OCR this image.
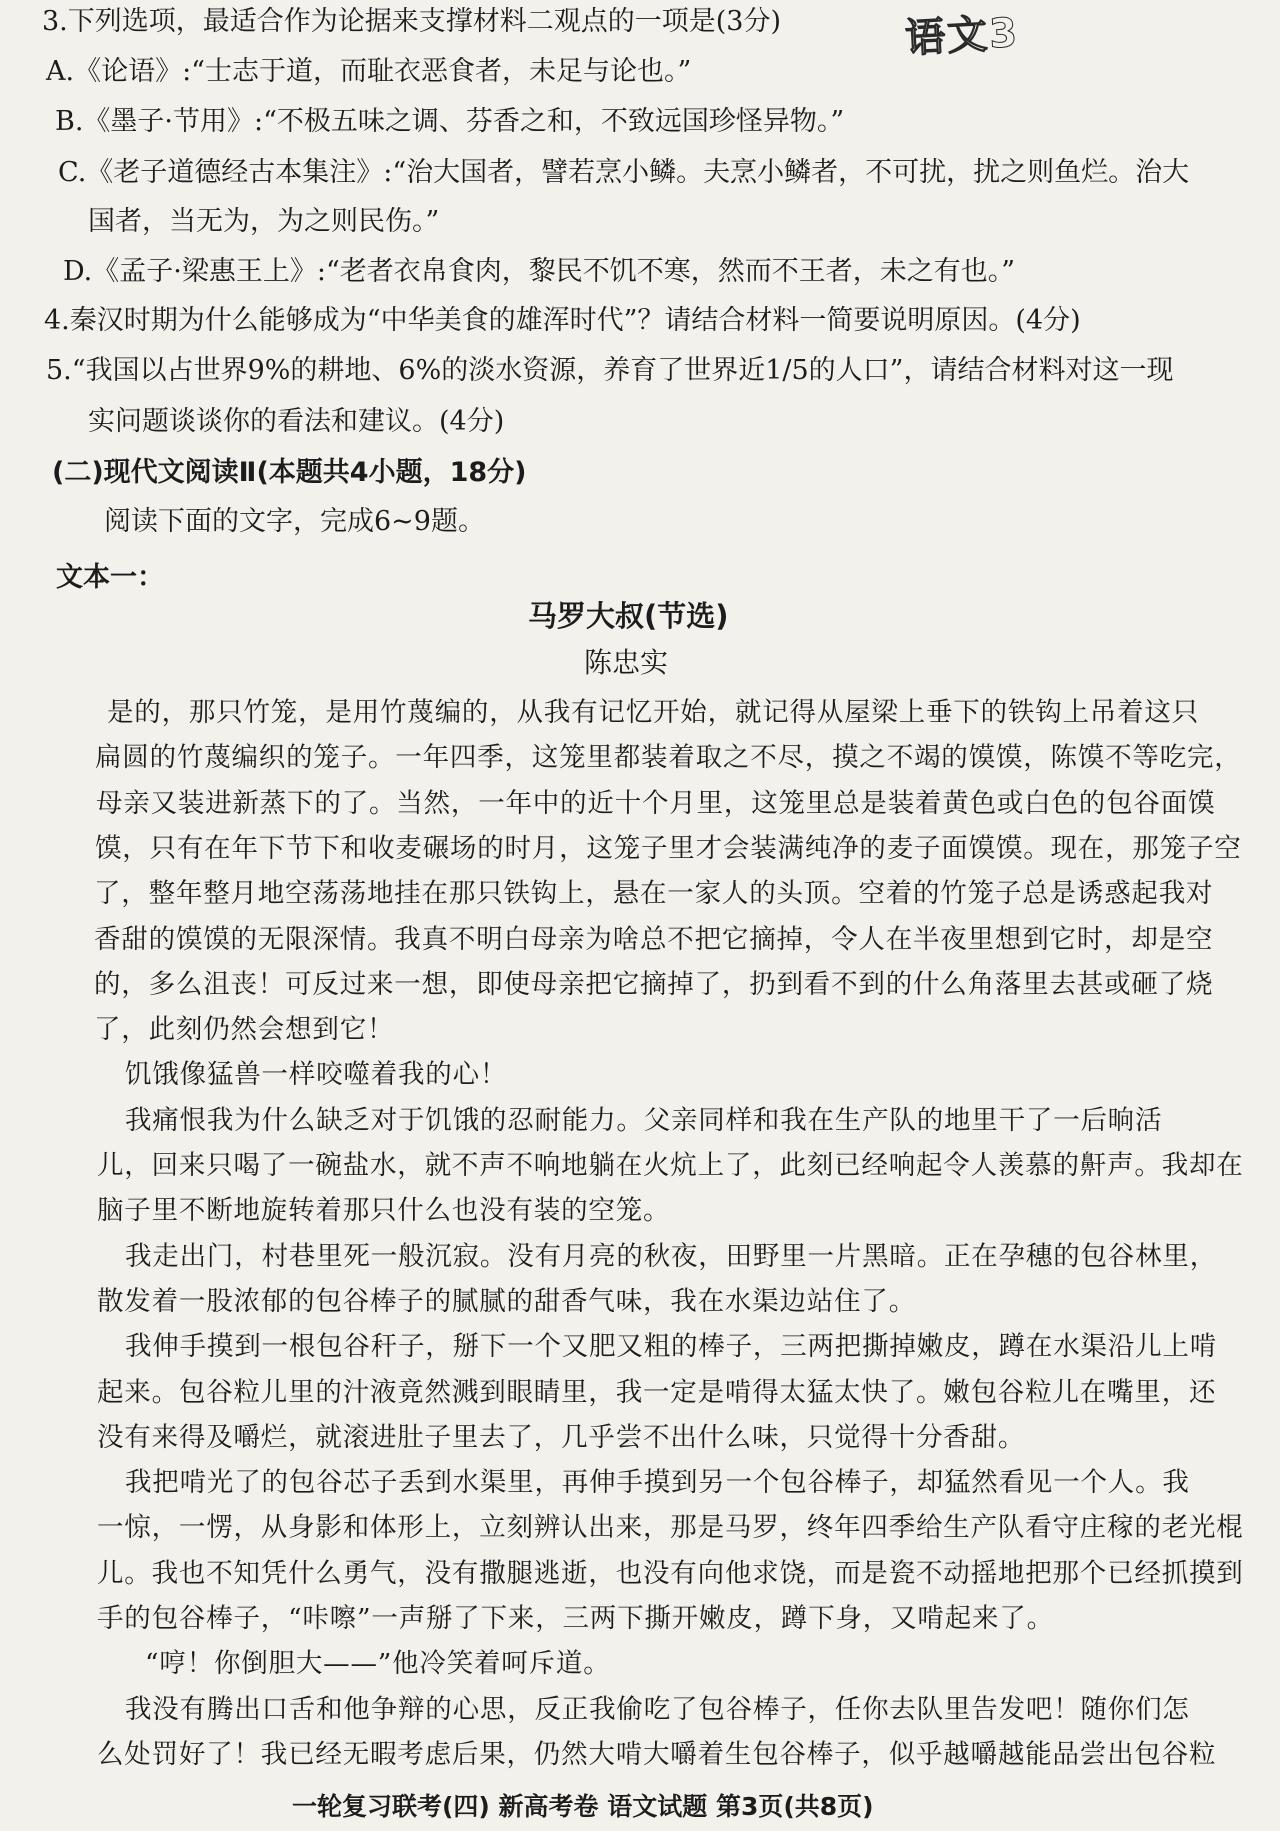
语文3
3.下列选项，最适合作为论据来支撑材料二观点的一项是(3分)
A.《论语》:“士志于道，而耻衣恶食者，未足与论也。”
B.《墨子·节用》:“不极五味之调、芬香之和，不致远国珍怪异物。”
C.《老子道德经古本集注》:“治大国者，譬若烹小鳞。夫烹小鳞者，不可扰，扰之则鱼烂。治大
国者，当无为，为之则民伤。”
D.《孟子·梁惠王上》:“老者衣帛食肉，黎民不饥不寒，然而不王者，未之有也。”
4.秦汉时期为什么能够成为“中华美食的雄浑时代”？请结合材料一简要说明原因。(4分)
5.“我国以占世界9%的耕地、6%的淡水资源，养育了世界近1/5的人口”，请结合材料对这一现
实问题谈谈你的看法和建议。(4分)
(二)现代文阅读Ⅱ(本题共4小题，18分)
阅读下面的文字，完成6~9题。
文本一：
马罗大叔(节选)
陈忠实
是的，那只竹笼，是用竹蔑编的，从我有记忆开始，就记得从屋梁上垂下的铁钩上吊着这只
扁圆的竹蔑编织的笼子。一年四季，这笼里都装着取之不尽，摸之不竭的馍馍，陈馍不等吃完，
母亲又装进新蒸下的了。当然，一年中的近十个月里，这笼里总是装着黄色或白色的包谷面馍
馍，只有在年下节下和收麦碾场的时月，这笼子里才会装满纯净的麦子面馍馍。现在，那笼子空
了，整年整月地空荡荡地挂在那只铁钩上，悬在一家人的头顶。空着的竹笼子总是诱惑起我对
香甜的馍馍的无限深情。我真不明白母亲为啥总不把它摘掉，令人在半夜里想到它时，却是空
的，多么沮丧！可反过来一想，即使母亲把它摘掉了，扔到看不到的什么角落里去甚或砸了烧
了，此刻仍然会想到它！
饥饿像猛兽一样咬噬着我的心！
我痛恨我为什么缺乏对于饥饿的忍耐能力。父亲同样和我在生产队的地里干了一后晌活
儿，回来只喝了一碗盐水，就不声不响地躺在火炕上了，此刻已经响起令人羡慕的鼾声。我却在
脑子里不断地旋转着那只什么也没有装的空笼。
我走出门，村巷里死一般沉寂。没有月亮的秋夜，田野里一片黑暗。正在孕穗的包谷林里，
散发着一股浓郁的包谷棒子的腻腻的甜香气味，我在水渠边站住了。
我伸手摸到一根包谷秆子，掰下一个又肥又粗的棒子，三两把撕掉嫩皮，蹲在水渠沿儿上啃
起来。包谷粒儿里的汁液竟然溅到眼睛里，我一定是啃得太猛太快了。嫩包谷粒儿在嘴里，还
没有来得及嚼烂，就滚进肚子里去了，几乎尝不出什么味，只觉得十分香甜。
我把啃光了的包谷芯子丢到水渠里，再伸手摸到另一个包谷棒子，却猛然看见一个人。我
一惊，一愣，从身影和体形上，立刻辨认出来，那是马罗，终年四季给生产队看守庄稼的老光棍
儿。我也不知凭什么勇气，没有撒腿逃逝，也没有向他求饶，而是瓷不动摇地把那个已经抓摸到
手的包谷棒子，“咔嚓”一声掰了下来，三两下撕开嫩皮，蹲下身，又啃起来了。
“哼！你倒胆大——”他冷笑着呵斥道。
我没有腾出口舌和他争辩的心思，反正我偷吃了包谷棒子，任你去队里告发吧！随你们怎
么处罚好了！我已经无暇考虑后果，仍然大啃大嚼着生包谷棒子，似乎越嚼越能品尝出包谷粒
一轮复习联考(四) 新高考卷 语文试题 第3页(共8页)
